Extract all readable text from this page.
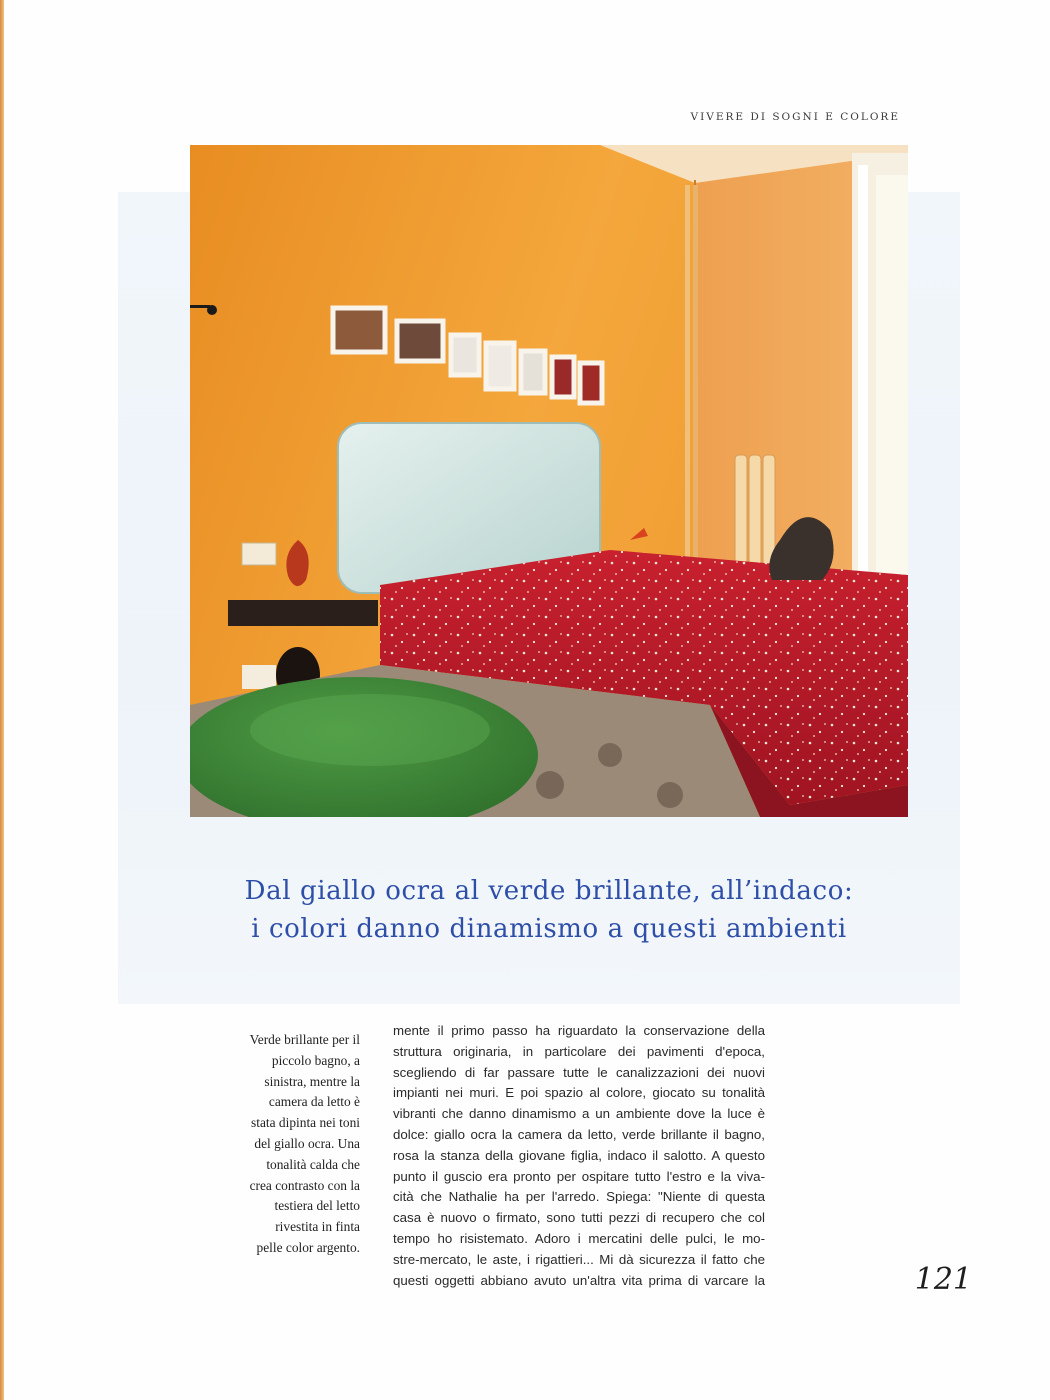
VIVERE DI SOGNI E COLORE
Dal giallo ocra al verde brillante, all’indaco:
i colori danno dinamismo a questi ambienti
Verde brillante per il
piccolo bagno, a
sinistra, mentre la
camera da letto è
stata dipinta nei toni
del giallo ocra. Una
tonalità calda che
crea contrasto con la
testiera del letto
rivestita in finta
pelle color argento.
mente il primo passo ha riguardato la conservazione della
struttura originaria, in particolare dei pavimenti d'epoca,
scegliendo di far passare tutte le canalizzazioni dei nuovi
impianti nei muri. E poi spazio al colore, giocato su tonalità
vibranti che danno dinamismo a un ambiente dove la luce è
dolce: giallo ocra la camera da letto, verde brillante il bagno,
rosa la stanza della giovane figlia, indaco il salotto. A questo
punto il guscio era pronto per ospitare tutto l'estro e la viva-
cità che Nathalie ha per l'arredo. Spiega: "Niente di questa
casa è nuovo o firmato, sono tutti pezzi di recupero che col
tempo ho risistemato. Adoro i mercatini delle pulci, le mo-
stre-mercato, le aste, i rigattieri... Mi dà sicurezza il fatto che
questi oggetti abbiano avuto un'altra vita prima di varcare la	121
